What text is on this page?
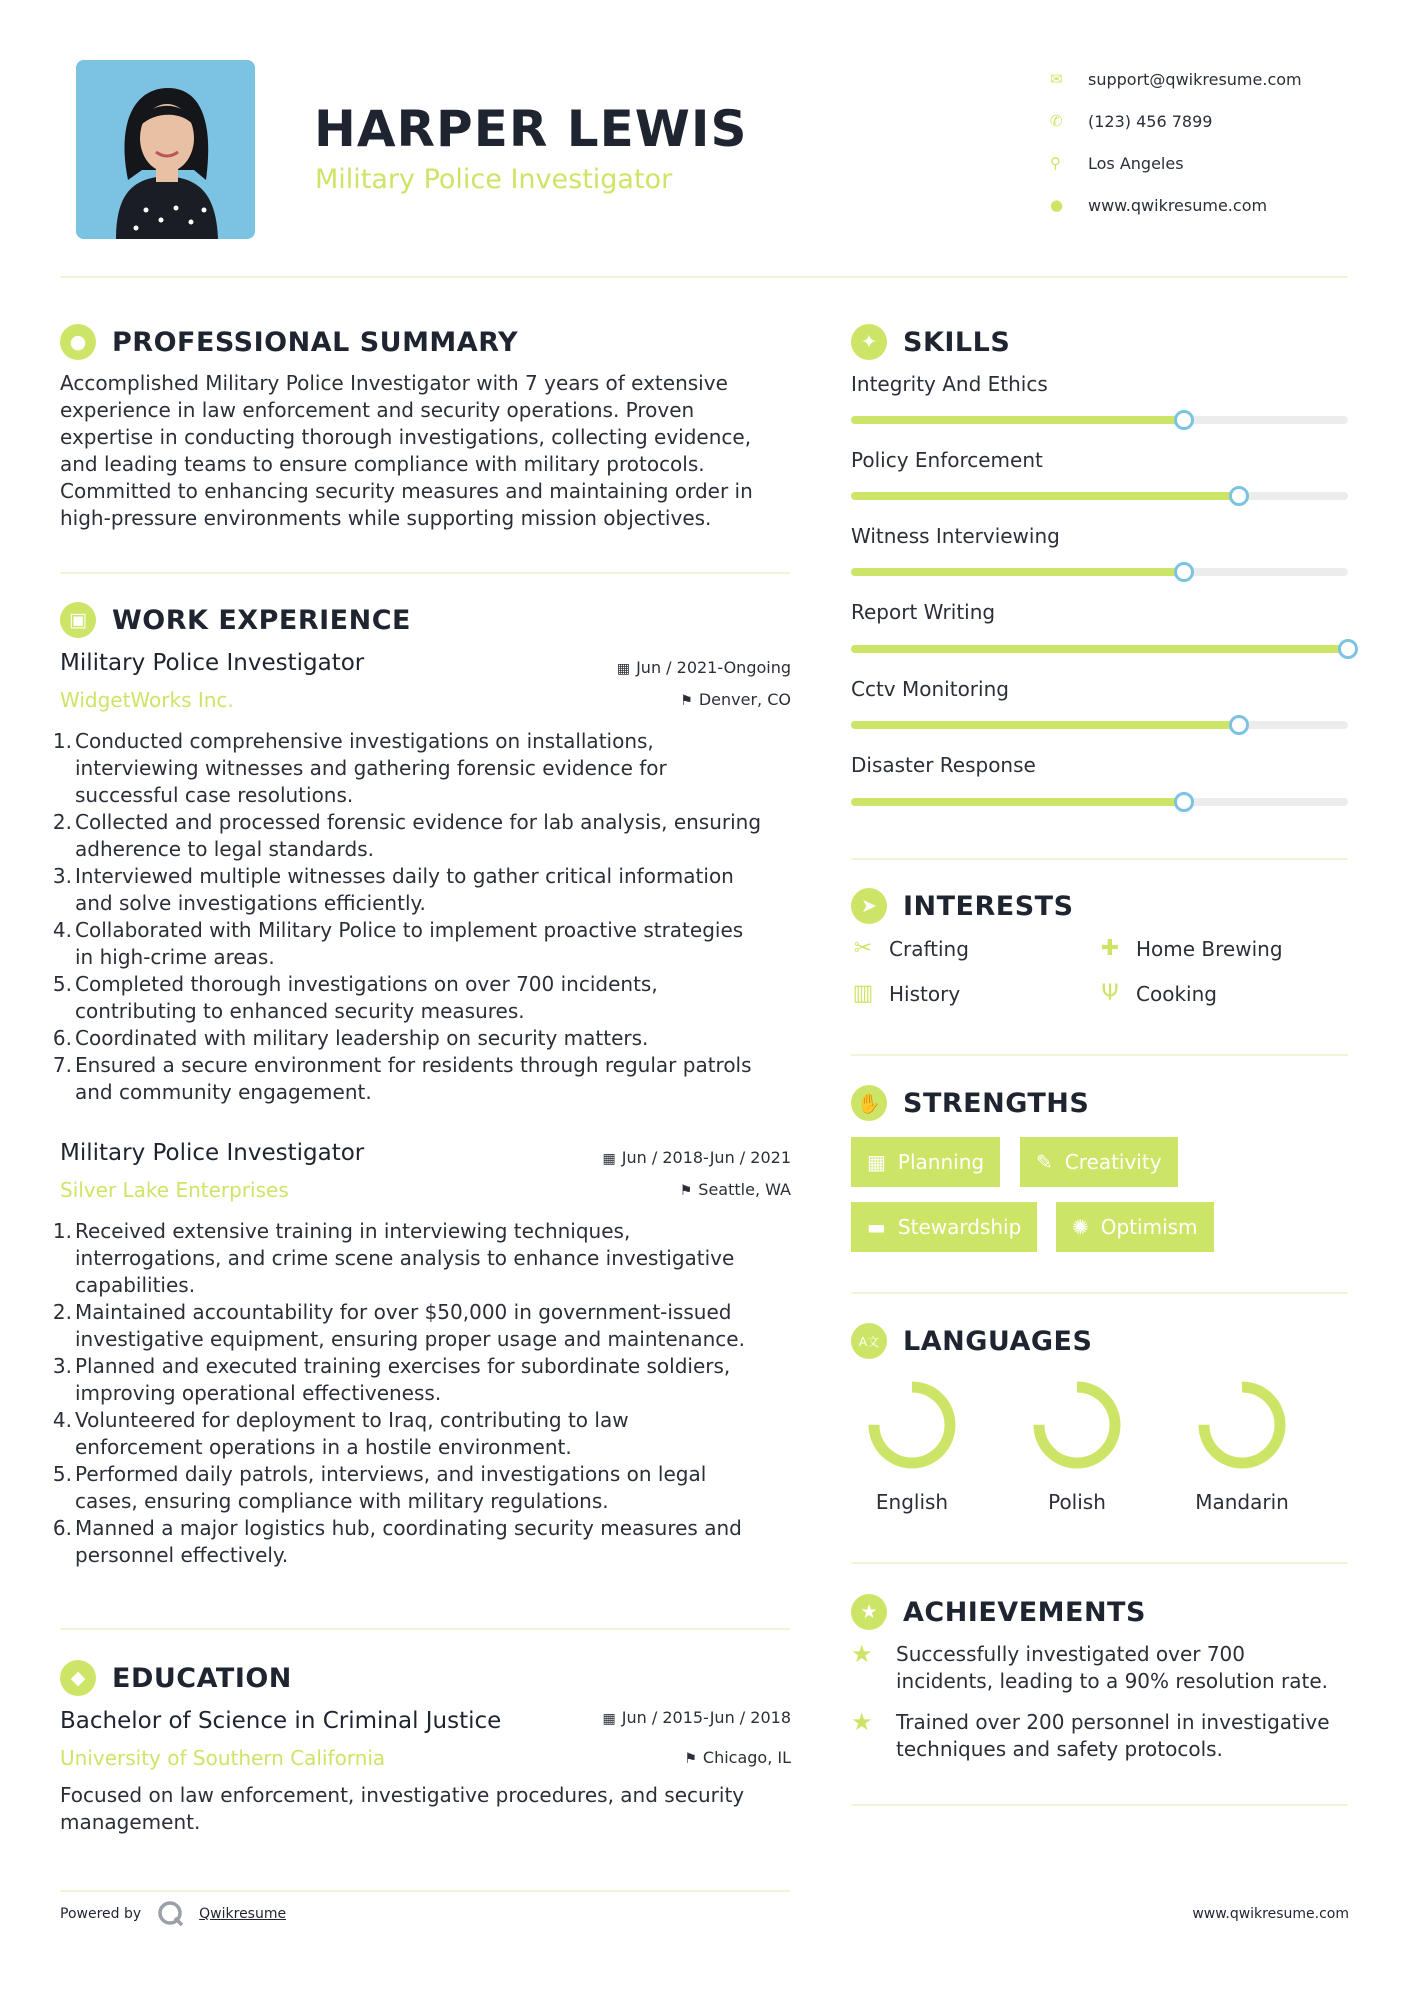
HARPER LEWIS
Military Police Investigator
✉	support@qwikresume.com
✆	(123) 456 7899
⚲	Los Angeles
●	www.qwikresume.com
● PROFESSIONAL SUMMARY
Accomplished Military Police Investigator with 7 years of extensive
experience in law enforcement and security operations. Proven
expertise in conducting thorough investigations, collecting evidence,
and leading teams to ensure compliance with military protocols.
Committed to enhancing security measures and maintaining order in
high-pressure environments while supporting mission objectives.
▣ WORK EXPERIENCE
Military Police Investigator
WidgetWorks Inc.
▦ Jun / 2021-Ongoing
⚑ Denver, CO
1. Conducted comprehensive investigations on installations,
interviewing witnesses and gathering forensic evidence for
successful case resolutions.
2. Collected and processed forensic evidence for lab analysis, ensuring
adherence to legal standards.
3. Interviewed multiple witnesses daily to gather critical information
and solve investigations efficiently.
4. Collaborated with Military Police to implement proactive strategies
in high-crime areas.
5. Completed thorough investigations on over 700 incidents,
contributing to enhanced security measures.
6. Coordinated with military leadership on security matters.
7. Ensured a secure environment for residents through regular patrols
and community engagement.
Military Police Investigator
Silver Lake Enterprises
▦ Jun / 2018-Jun / 2021
⚑ Seattle, WA
1. Received extensive training in interviewing techniques,
interrogations, and crime scene analysis to enhance investigative
capabilities.
2. Maintained accountability for over $50,000 in government-issued
investigative equipment, ensuring proper usage and maintenance.
3. Planned and executed training exercises for subordinate soldiers,
improving operational effectiveness.
4. Volunteered for deployment to Iraq, contributing to law
enforcement operations in a hostile environment.
5. Performed daily patrols, interviews, and investigations on legal
cases, ensuring compliance with military regulations.
6. Manned a major logistics hub, coordinating security measures and
personnel effectively.
◆ EDUCATION
Bachelor of Science in Criminal Justice
University of Southern California
▦ Jun / 2015-Jun / 2018
⚑ Chicago, IL
Focused on law enforcement, investigative procedures, and security
management.
✦ SKILLS
Integrity And Ethics
Policy Enforcement
Witness Interviewing
Report Writing
Cctv Monitoring
Disaster Response
➤ INTERESTS
✂ Crafting	✚ Home Brewing
▥ History	Ψ Cooking
✋ STRENGTHS
▦ Planning	✎ Creativity
▬ Stewardship	✺ Optimism
A文 LANGUAGES
English	Polish	Mandarin
★ ACHIEVEMENTS
★	Successfully investigated over 700
incidents, leading to a 90% resolution rate.
★	Trained over 200 personnel in investigative
techniques and safety protocols.
Powered by	Qwikresume	www.qwikresume.com
